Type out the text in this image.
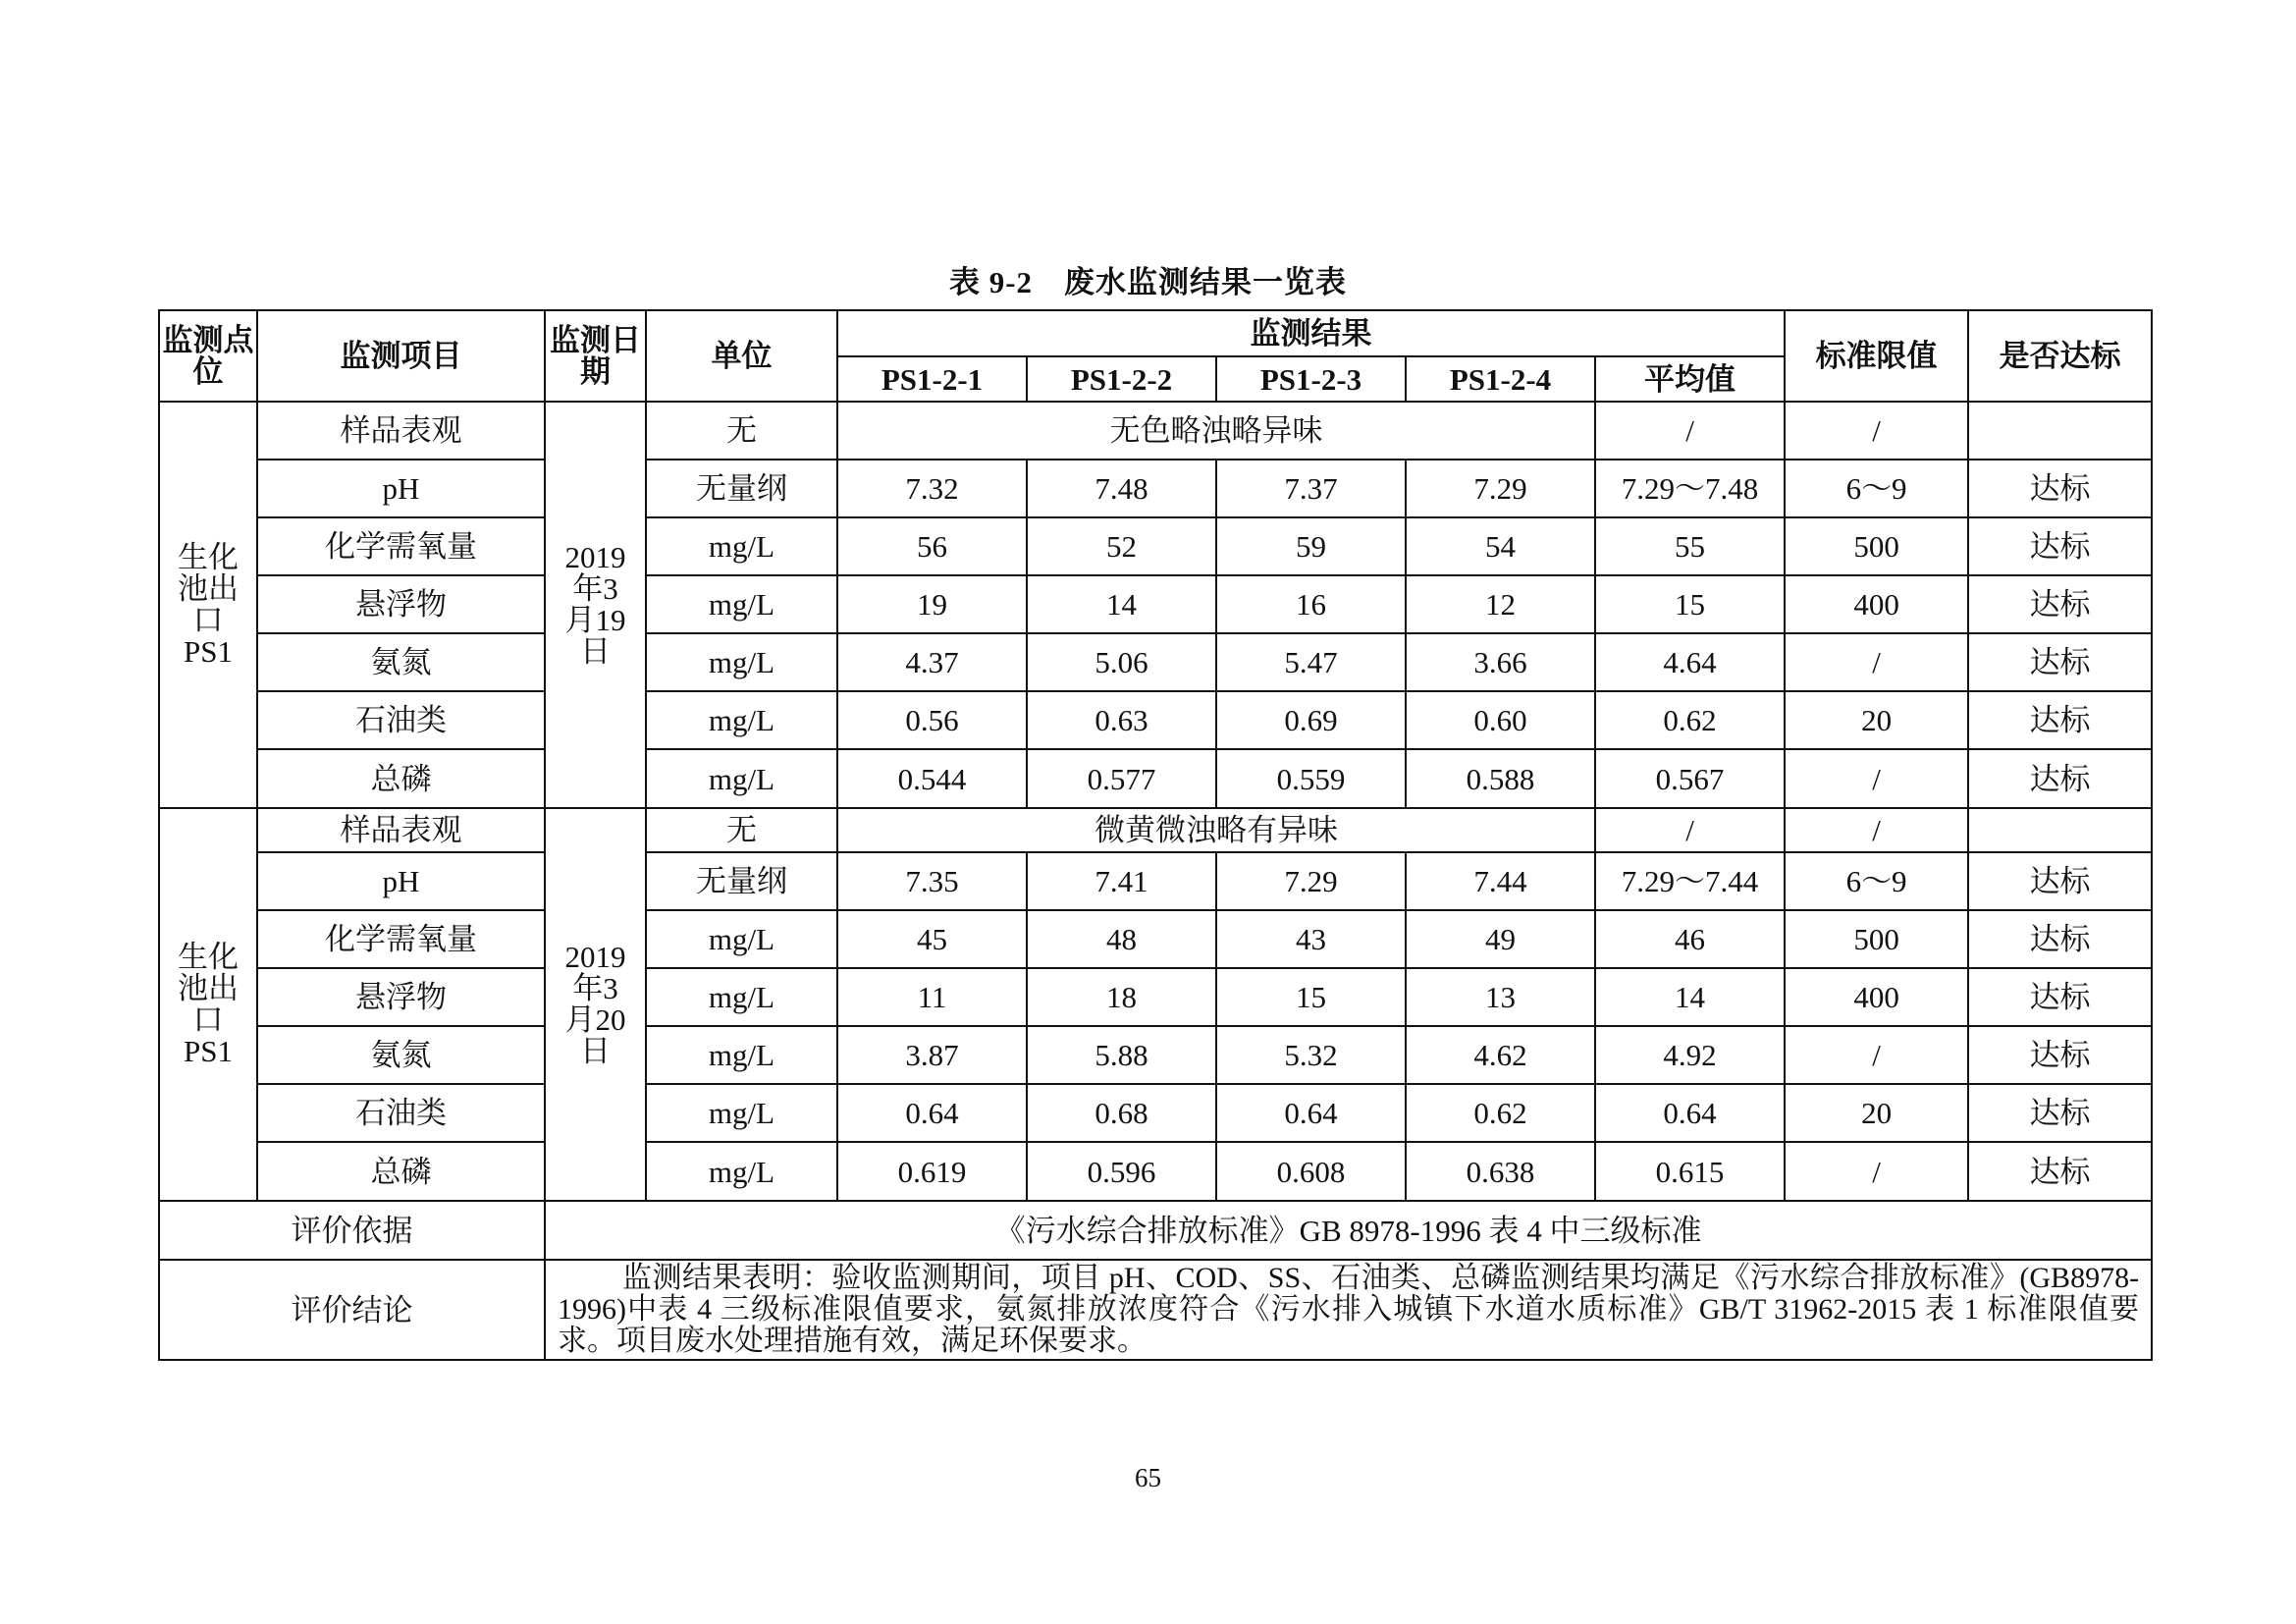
表 9-2　废水监测结果一览表
监测点位	监测项目	监测日期	单位	监测结果					标准限值	是否达标
				PS1-2-1	PS1-2-2	PS1-2-3	PS1-2-4	平均值		
生化池出口PS1	样品表观	2019年3月19日	无	无色略浊略异味				/	/	
	pH		无量纲	7.32	7.48	7.37	7.29	7.29～7.48	6～9	达标
	化学需氧量		mg/L	56	52	59	54	55	500	达标
	悬浮物		mg/L	19	14	16	12	15	400	达标
	氨氮		mg/L	4.37	5.06	5.47	3.66	4.64	/	达标
	石油类		mg/L	0.56	0.63	0.69	0.60	0.62	20	达标
	总磷		mg/L	0.544	0.577	0.559	0.588	0.567	/	达标
生化池出口PS1	样品表观	2019年3月20日	无	微黄微浊略有异味				/	/	
	pH		无量纲	7.35	7.41	7.29	7.44	7.29～7.44	6～9	达标
	化学需氧量		mg/L	45	48	43	49	46	500	达标
	悬浮物		mg/L	11	18	15	13	14	400	达标
	氨氮		mg/L	3.87	5.88	5.32	4.62	4.92	/	达标
	石油类		mg/L	0.64	0.68	0.64	0.62	0.64	20	达标
	总磷		mg/L	0.619	0.596	0.608	0.638	0.615	/	达标
评价依据		《污水综合排放标准》GB 8978-1996 表 4 中三级标准								
评价结论		监测结果表明：验收监测期间，项目 pH、COD、SS、石油类、总磷监测结果均满足《污水综合排放标准》(GB8978-1996)中表 4 三级标准限值要求，氨氮排放浓度符合《污水排入城镇下水道水质标准》GB/T 31962-2015 表 1 标准限值要求。项目废水处理措施有效，满足环保要求。								
65
